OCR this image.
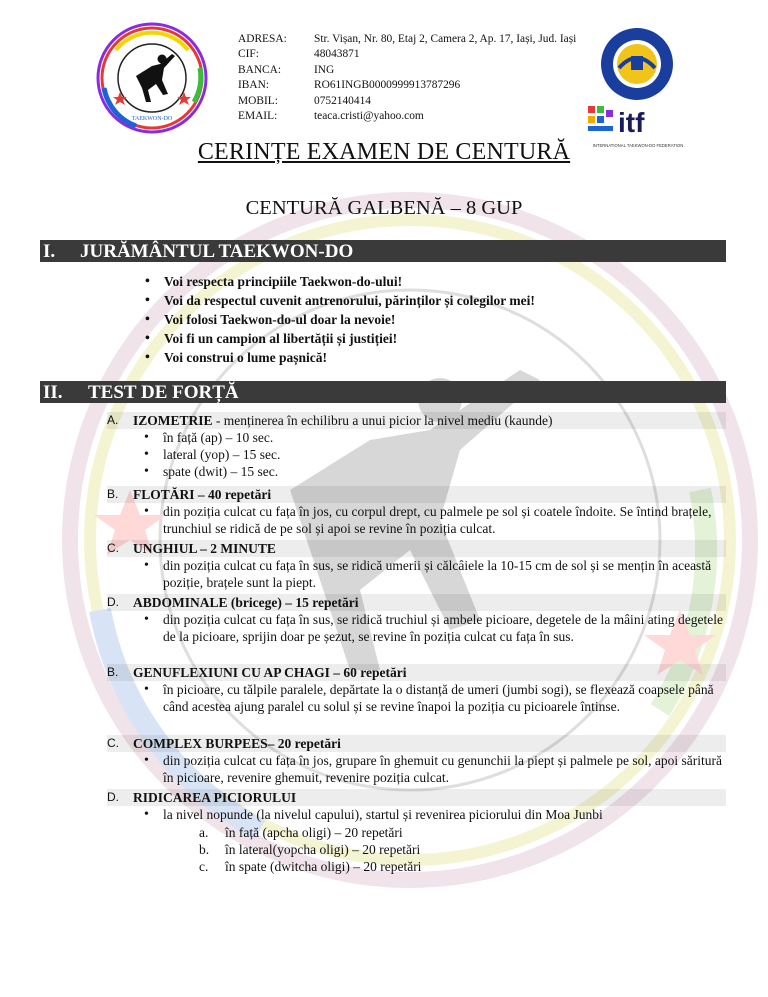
TAEKWON-DO
ADRESA:	Str. Vișan, Nr. 80, Etaj 2, Camera 2, Ap. 17, Iași, Jud. Iași
CIF:	48043871
BANCA:	ING
IBAN:	RO61INGB0000999913787296
MOBIL:	0752140414
EMAIL:	teaca.cristi@yahoo.com	itf
INTERNATIONAL TAEKWON-DO FEDERATION
CERINȚE EXAMEN DE CENTURĂ
CENTURĂ GALBENĂ – 8 GUP
I. JURĂMÂNTUL TAEKWON-DO
• Voi respecta principiile Taekwon-do-ului!
• Voi da respectul cuvenit antrenorului, părinților și colegilor mei!
• Voi folosi Taekwon-do-ul doar la nevoie!
• Voi fi un campion al libertății și justiției!
• Voi construi o lume pașnică!
II. TEST DE FORȚĂ
A. IZOMETRIE - menținerea în echilibru a unui picior la nivel mediu (kaunde)
• în față (ap) – 10 sec.
• lateral (yop) – 15 sec.
• spate (dwit) – 15 sec.
B. FLOTĂRI – 40 repetări
• din poziția culcat cu fața în jos, cu corpul drept, cu palmele pe sol și coatele îndoite. Se întind brațele, trunchiul se ridică de pe sol și apoi se revine în poziția culcat.
C. UNGHIUL – 2 MINUTE
• din poziția culcat cu fața în sus, se ridică umerii și călcâiele la 10-15 cm de sol și se mențin în această poziție, brațele sunt la piept.
D. ABDOMINALE (bricege) – 15 repetări
• din poziția culcat cu fața în sus, se ridică truchiul și ambele picioare, degetele de la mâini ating degetele de la picioare, sprijin doar pe șezut, se revine în poziția culcat cu fața în sus.
B. GENUFLEXIUNI CU AP CHAGI – 60 repetări
• în picioare, cu tălpile paralele, depărtate la o distanță de umeri (jumbi sogi), se flexează coapsele până când acestea ajung paralel cu solul și se revine înapoi la poziția cu picioarele întinse.
C. COMPLEX BURPEES– 20 repetări
• din poziția culcat cu fața în jos, grupare în ghemuit cu genunchii la piept și palmele pe sol, apoi săritură în picioare, revenire ghemuit, revenire poziția culcat.
D. RIDICAREA PICIORULUI
• la nivel nopunde (la nivelul capului), startul și revenirea piciorului din Moa Junbi
a. în față (apcha oligi) – 20 repetări
b. în lateral(yopcha oligi) – 20 repetări
c. în spate (dwitcha oligi) – 20 repetări
